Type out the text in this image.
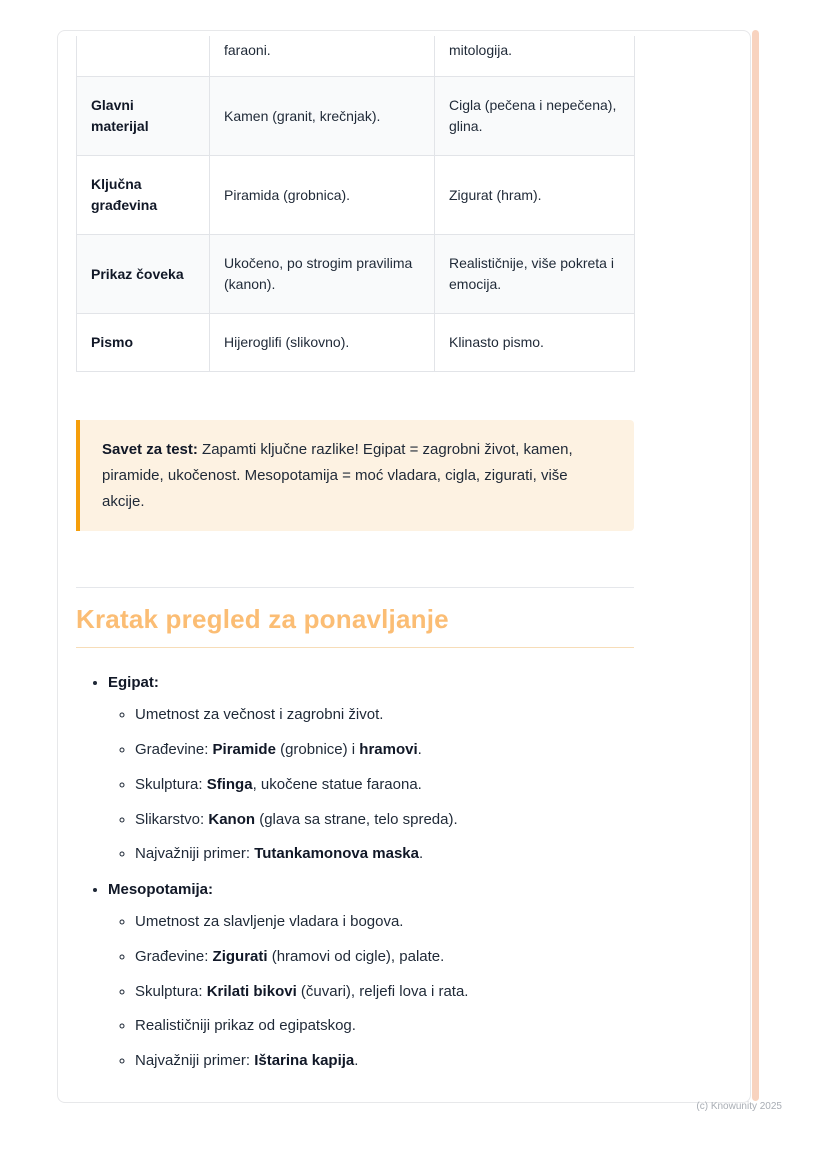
	faraoni.	mitologija.
Glavni materijal	Kamen (granit, krečnjak).	Cigla (pečena i nepečena), glina.
Ključna građevina	Piramida (grobnica).	Zigurat (hram).
Prikaz čoveka	Ukočeno, po strogim pravilima (kanon).	Realističnije, više pokreta i emocija.
Pismo	Hijeroglifi (slikovno).	Klinasto pismo.
Savet za test: Zapamti ključne razlike! Egipat = zagrobni život, kamen, piramide, ukočenost. Mesopotamija = moć vladara, cigla, zigurati, više akcije.
Kratak pregled za ponavljanje
• Egipat:
◦ Umetnost za večnost i zagrobni život.
◦ Građevine: Piramide (grobnice) i hramovi.
◦ Skulptura: Sfinga, ukočene statue faraona.
◦ Slikarstvo: Kanon (glava sa strane, telo spreda).
◦ Najvažniji primer: Tutankamonova maska.
• Mesopotamija:
◦ Umetnost za slavljenje vladara i bogova.
◦ Građevine: Zigurati (hramovi od cigle), palate.
◦ Skulptura: Krilati bikovi (čuvari), reljefi lova i rata.
◦ Realističniji prikaz od egipatskog.
◦ Najvažniji primer: Ištarina kapija.
(c) Knowunity 2025
